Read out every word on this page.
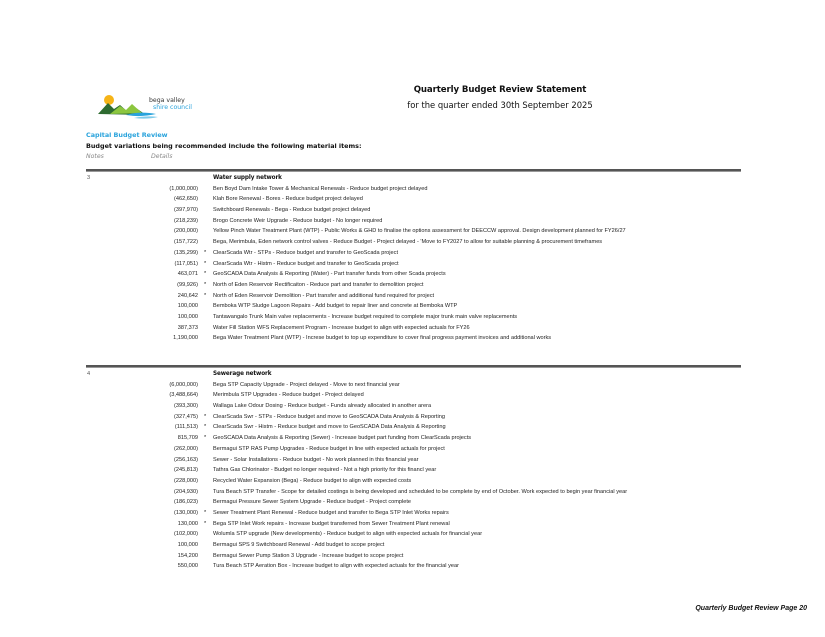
bega valley
shire council
Quarterly Budget Review Statement
for the quarter ended 30th September 2025
Capital Budget Review
Budget variations being recommended include the following material items:
Notes	Details
3	Water supply network
(1,000,000)	Ben Boyd Dam Intake Tower & Mechanical Renewals - Reduce budget project delayed
(462,650)	Klah Bore Renewal - Bores - Reduce budget project delayed
(397,970)	Switchboard Renewals - Bega - Reduce budget project delayed
(218,239)	Brogo Concrete Weir Upgrade - Reduce budget - No longer required
(200,000)	Yellow Pinch Water Treatment Plant (WTP) - Public Works & GHD to finalise the options assessment for DEECCW approval. Design development planned for FY26/27
(157,722)	Bega, Merimbula, Eden network control valves - Reduce Budget - Project delayed - 'Move to FY2027 to allow for suitable planning & procurement timeframes
(135,299) * ClearScada Wtr - STPs - Reduce budget and transfer to GeoScada project
(117,051) * ClearScada Wtr - Histm - Reduce budget and transfer to GeoScada project
463,071 * GeoSCADA Data Analysis & Reporting (Water) - Part transfer funds from other Scada projects
(99,926) * North of Eden Reservoir Rectificaiton - Reduce part and transfer to demolition project
240,642 * North of Eden Reservoir Demolition - Part transfer and additional fund required for project
100,000	Bemboka WTP Sludge Lagoon Repairs - Add budget to repair liner and concrete at Bemboka WTP
100,000	Tantawangalo Trunk Main valve replacements - Increase budget required to complete major trunk main valve replacements
387,373	Water Fill Station WFS Replacement Program - Increase budget to align with expected actuals for FY26
1,190,000	Bega Water Treatment Plant (WTP) - Increse budget to top up expenditure to cover final progress payment invoices and additional works
4	Sewerage network
(6,000,000)	Bega STP Capacity Upgrade - Project delayed - Move to next financial year
(3,488,664)	Merimbula STP Upgrades - Reduce budget - Project delayed
(393,300)	Wallaga Lake Odour Dosing - Reduce budget - Funds already allocated in another arera
(327,475) * ClearScada Swr - STPs - Reduce budget and move to GeoSCADA Data Analysis & Reporting
(111,513) * ClearScada Swr - Histm - Reduce budget and move to GeoSCADA Data Analysis & Reporting
815,709 * GeoSCADA Data Analysis & Reporting (Sewer) - Increase budget part funding from ClearScada projects
(262,000)	Bermagui STP RAS Pump Upgrades - Reduce budget in line with expected actuals for project
(256,163)	Sewer - Solar Installations - Reduce budget - No work planned in this financial year
(245,813)	Tathra Gas Chlorinator - Budget no longer required - Not a high priority for this financl year
(228,000)	Recycled Water Expansion (Bega) - Reduce budget to align with expected costs
(204,930)	Tura Beach STP Transfer - Scope for detailed costings is being developed and scheduled to be complete by end of October. Work expected to begin year financial year
(186,023)	Bermagui Pressure Sewer System Upgrade - Reduce budget - Project complete
(130,000) * Sewer Treatment Plant Renewal - Reduce budget and transfer to Bega STP Inlet Works repairs
130,000 * Bega STP Inlet Work repairs - Increase budget transferred from Sewer Treatment Plant renewal
(102,000)	Wolumla STP upgrade (New developments) - Reduce budget to align with expected actuals for financial year
100,000	Bermagui SPS 9 Switchboard Renewal - Add budget to scope project
154,200	Bermagui Sewer Pump Station 3 Upgrade - Increase budget to scope project
550,000	Tura Beach STP Aeration Box - Increase budget to align with expected actuals for the financial year
Quarterly Budget Review Page 20
